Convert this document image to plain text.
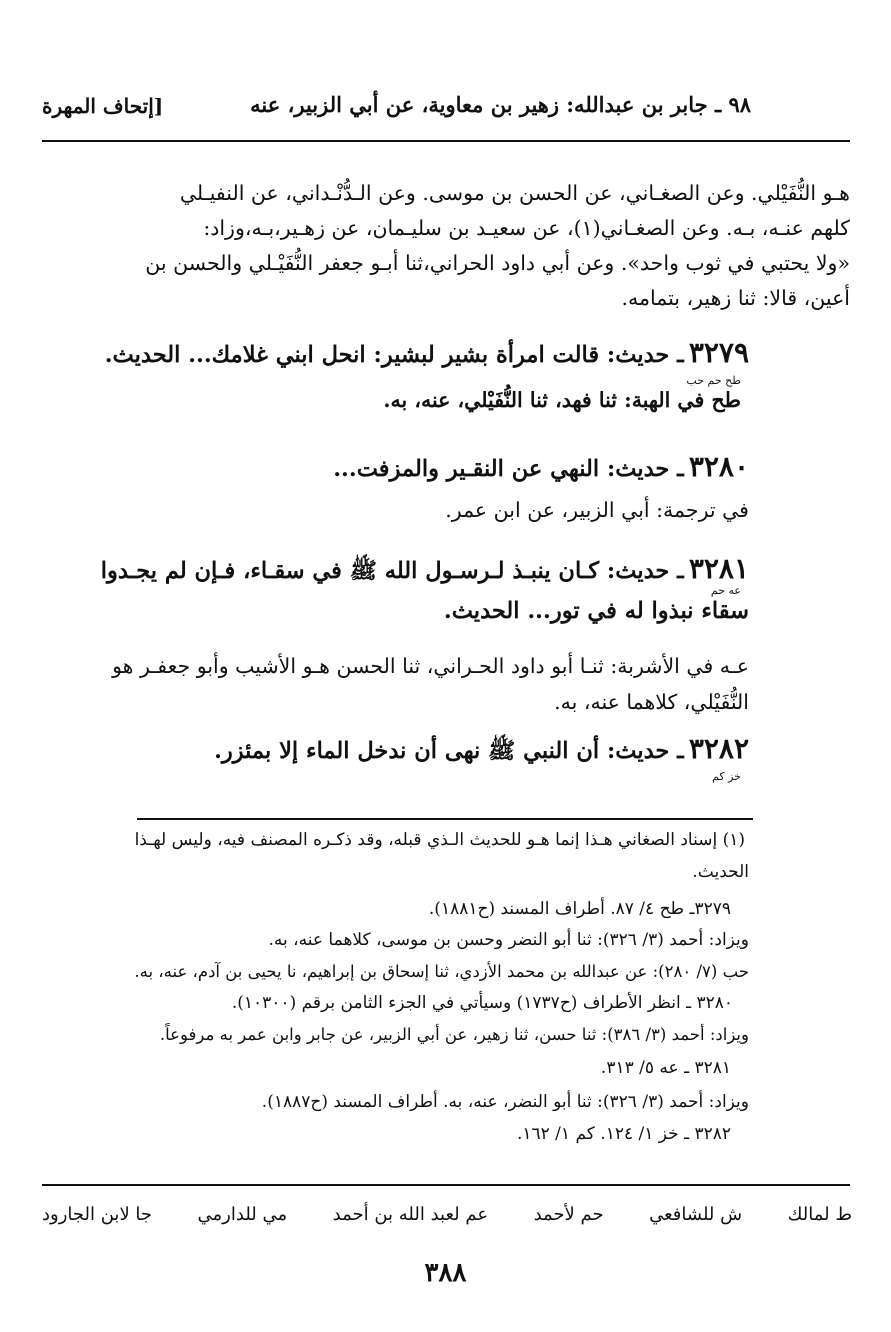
٩٨ ـ جابر بن عبدالله: زهير بن معاوية، عن أبي الزبير، عنه
[إتحاف المهرة
هـو النُّفَيْلي. وعن الصغـاني، عن الحسن بن موسى. وعن الـدُّنْـداني، عن النفيـلي
كلهم عنـه، بـه. وعن الصغـاني(١)، عن سعيـد بن سليـمان، عن زهـير،بـه،وزاد:
«ولا يحتبي في ثوب واحد». وعن أبي داود الحراني،ثنا أبـو جعفر النُّفَيْـلي والحسن بن
أعين، قالا: ثنا زهير، بتمامه.
٣٢٧٩ ـ حديث: قالت امرأة بشير لبشير: انحل ابني غلامك... الحديث.
طح حم حب
طح في الهبة: ثنا فهد، ثنا النُّفَيْلي، عنه، به.
٣٢٨٠ ـ حديث: النهي عن النقـير والمزفت...
في ترجمة: أبي الزبير، عن ابن عمر.
٣٢٨١ ـ حديث: كـان ينبـذ لـرسـول الله ﷺ في سقـاء، فـإن لم يجـدوا
عه حم
سقاء نبذوا له في تور... الحديث.
عـه في الأشربة: ثنـا أبو داود الحـراني، ثنا الحسن هـو الأشيب وأبو جعفـر هو
النُّفَيْلي، كلاهما عنه، به.
٣٢٨٢ ـ حديث: أن النبي ﷺ نهى أن ندخل الماء إلا بمئزر.
خز كم
(١) إسناد الصغاني هـذا إنما هـو للحديث الـذي قبله، وقد ذكـره المصنف فيه، وليس لهـذا
الحديث.
٣٢٧٩ـ طح ٤/ ٨٧. أطراف المسند (ح١٨٨١).
ويزاد: أحمد (٣/ ٣٢٦): ثنا أبو النضر وحسن بن موسى، كلاهما عنه، به.
حب (٧/ ٢٨٠): عن عبدالله بن محمد الأزدي، ثنا إسحاق بن إبراهيم، نا يحيى بن آدم، عنه، به.
٣٢٨٠ ـ انظر الأطراف (ح١٧٣٧) وسيأتي في الجزء الثامن برقم (١٠٣٠٠).
ويزاد: أحمد (٣/ ٣٨٦): ثنا حسن، ثنا زهير، عن أبي الزبير، عن جابر وابن عمر به مرفوعاً.
٣٢٨١ ـ عه ٥/ ٣١٣.
ويزاد: أحمد (٣/ ٣٢٦): ثنا أبو النضر، عنه، به. أطراف المسند (ح١٨٨٧).
٣٢٨٢ ـ خز ١/ ١٢٤. كم ١/ ١٦٢.
ط لمالك
ش للشافعي
حم لأحمد
عم لعبد الله بن أحمد
مي للدارمي
جا لابن الجارود
٣٨٨
